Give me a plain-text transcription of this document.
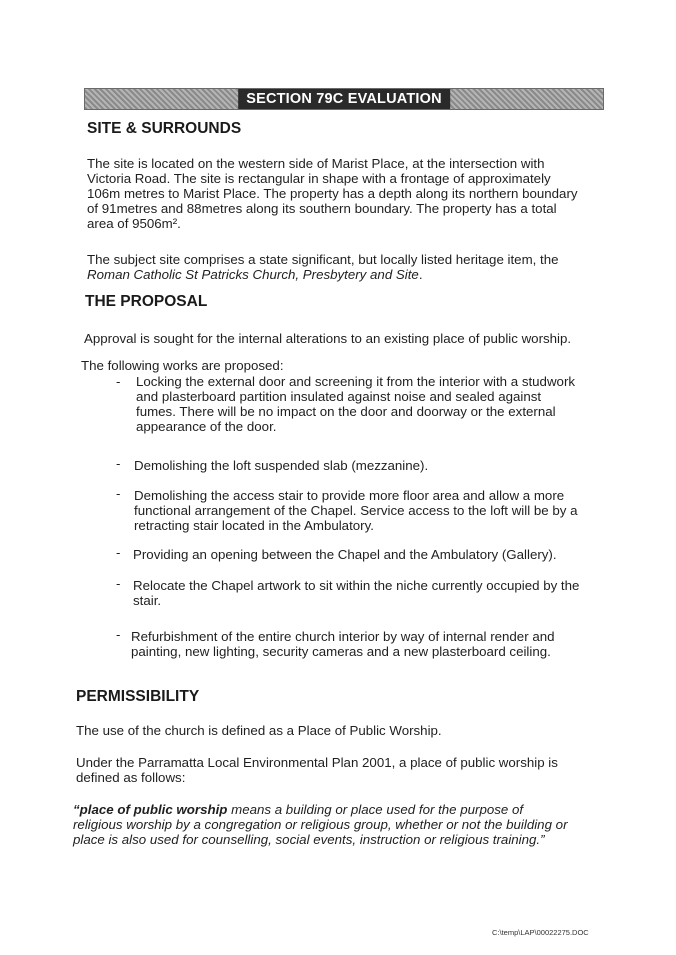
SECTION 79C EVALUATION
SITE & SURROUNDS
The site is located on the western side of Marist Place, at the intersection with
Victoria Road. The site is rectangular in shape with a frontage of approximately
106m metres to Marist Place. The property has a depth along its northern boundary
of 91metres and 88metres along its southern boundary. The property has a total
area of 9506m².
The subject site comprises a state significant, but locally listed heritage item, the
Roman Catholic St Patricks Church, Presbytery and Site.
THE PROPOSAL
Approval is sought for the internal alterations to an existing place of public worship.
The following works are proposed:
- Locking the external door and screening it from the interior with a studwork
and plasterboard partition insulated against noise and sealed against
fumes. There will be no impact on the door and doorway or the external
appearance of the door.
- Demolishing the loft suspended slab (mezzanine).
- Demolishing the access stair to provide more floor area and allow a more
functional arrangement of the Chapel. Service access to the loft will be by a
retracting stair located in the Ambulatory.
- Providing an opening between the Chapel and the Ambulatory (Gallery).
- Relocate the Chapel artwork to sit within the niche currently occupied by the
stair.
- Refurbishment of the entire church interior by way of internal render and
painting, new lighting, security cameras and a new plasterboard ceiling.
PERMISSIBILITY
The use of the church is defined as a Place of Public Worship.
Under the Parramatta Local Environmental Plan 2001, a place of public worship is
defined as follows:
“place of public worship means a building or place used for the purpose of
religious worship by a congregation or religious group, whether or not the building or
place is also used for counselling, social events, instruction or religious training.”
C:\temp\LAP\00022275.DOC
